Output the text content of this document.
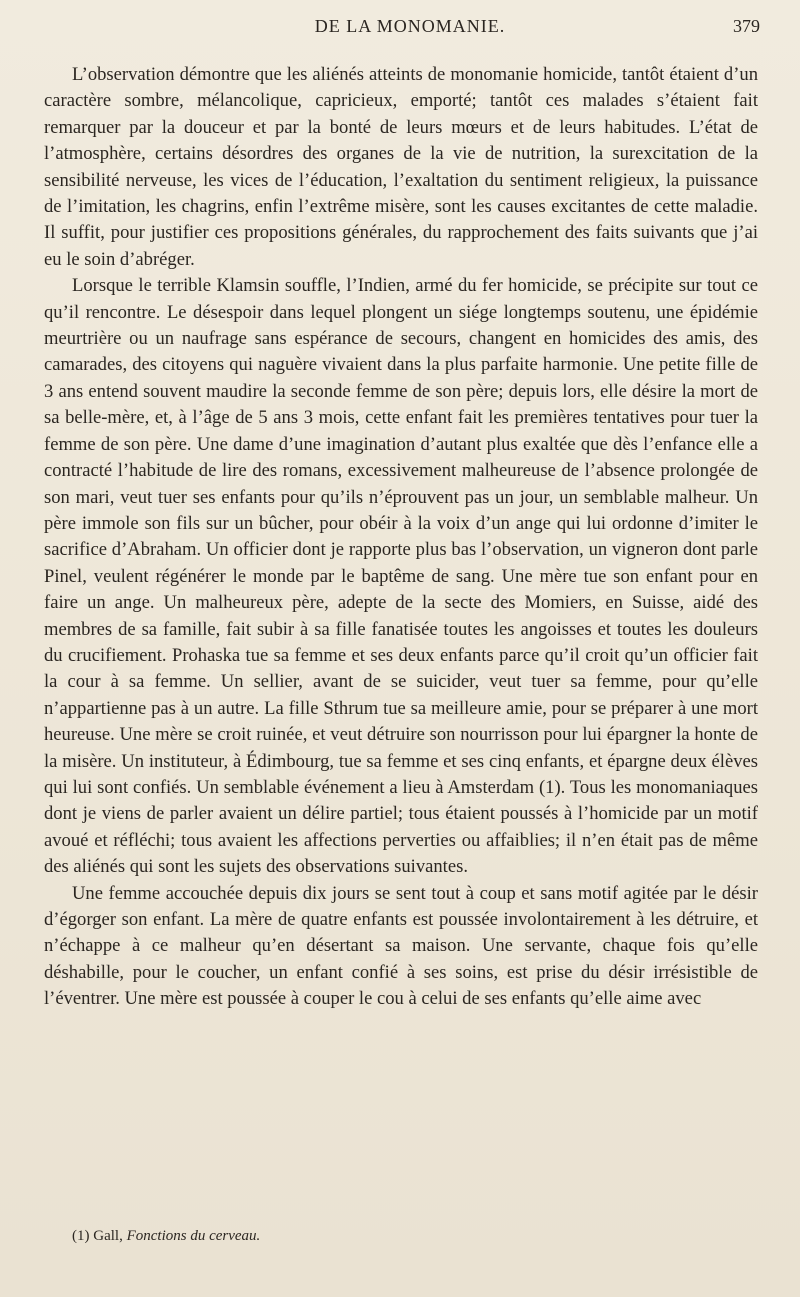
DE LA MONOMANIE.	379

L’observation démontre que les aliénés atteints de monomanie homicide, tantôt étaient d’un caractère sombre, mélancolique, capricieux, emporté; tantôt ces malades s’étaient fait remarquer par la douceur et par la bonté de leurs mœurs et de leurs habitudes. L’état de l’atmosphère, certains désordres des organes de la vie de nutrition, la surexcitation de la sensibilité nerveuse, les vices de l’éducation, l’exaltation du sentiment religieux, la puissance de l’imitation, les chagrins, enfin l’extrême misère, sont les causes excitantes de cette maladie. Il suffit, pour justifier ces propositions générales, du rapprochement des faits suivants que j’ai eu le soin d’abréger.

Lorsque le terrible Klamsin souffle, l’Indien, armé du fer homicide, se précipite sur tout ce qu’il rencontre. Le désespoir dans lequel plongent un siége longtemps soutenu, une épidémie meurtrière ou un naufrage sans espérance de secours, changent en homicides des amis, des camarades, des citoyens qui naguère vivaient dans la plus parfaite harmonie. Une petite fille de 3 ans entend souvent maudire la seconde femme de son père; depuis lors, elle désire la mort de sa belle-mère, et, à l’âge de 5 ans 3 mois, cette enfant fait les premières tentatives pour tuer la femme de son père. Une dame d’une imagination d’autant plus exaltée que dès l’enfance elle a contracté l’habitude de lire des romans, excessivement malheureuse de l’absence prolongée de son mari, veut tuer ses enfants pour qu’ils n’éprouvent pas un jour, un semblable malheur. Un père immole son fils sur un bûcher, pour obéir à la voix d’un ange qui lui ordonne d’imiter le sacrifice d’Abraham. Un officier dont je rapporte plus bas l’observation, un vigneron dont parle Pinel, veulent régénérer le monde par le baptême de sang. Une mère tue son enfant pour en faire un ange. Un malheureux père, adepte de la secte des Momiers, en Suisse, aidé des membres de sa famille, fait subir à sa fille fanatisée toutes les angoisses et toutes les douleurs du crucifiement. Prohaska tue sa femme et ses deux enfants parce qu’il croit qu’un officier fait la cour à sa femme. Un sellier, avant de se suicider, veut tuer sa femme, pour qu’elle n’appartienne pas à un autre. La fille Sthrum tue sa meilleure amie, pour se préparer à une mort heureuse. Une mère se croit ruinée, et veut détruire son nourrisson pour lui épargner la honte de la misère. Un instituteur, à Édimbourg, tue sa femme et ses cinq enfants, et épargne deux élèves qui lui sont confiés. Un semblable événement a lieu à Amsterdam (1). Tous les monomaniaques dont je viens de parler avaient un délire partiel; tous étaient poussés à l’homicide par un motif avoué et réfléchi; tous avaient les affections perverties ou affaiblies; il n’en était pas de même des aliénés qui sont les sujets des observations suivantes.

Une femme accouchée depuis dix jours se sent tout à coup et sans motif agitée par le désir d’égorger son enfant. La mère de quatre enfants est poussée involontairement à les détruire, et n’échappe à ce malheur qu’en désertant sa maison. Une servante, chaque fois qu’elle déshabille, pour le coucher, un enfant confié à ses soins, est prise du désir irrésistible de l’éventrer. Une mère est poussée à couper le cou à celui de ses enfants qu’elle aime avec

(1) Gall, Fonctions du cerveau.
